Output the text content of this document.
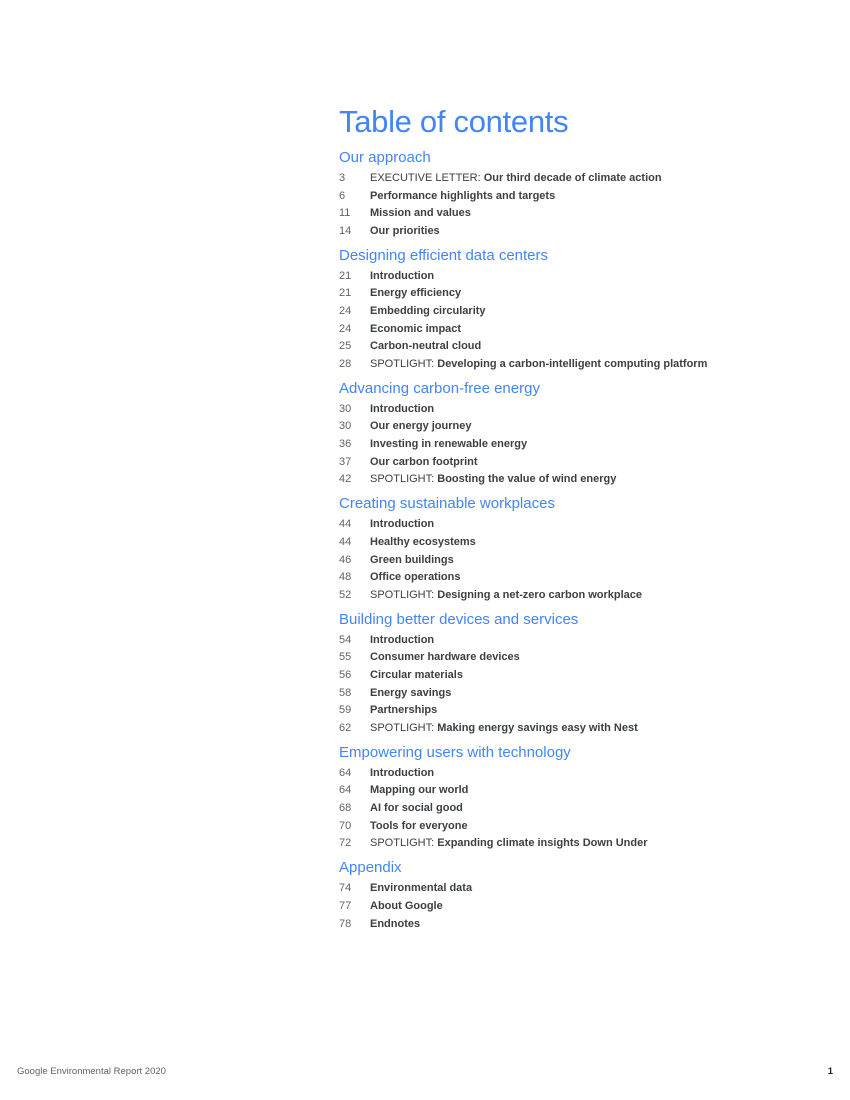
Table of contents
Our approach
3	EXECUTIVE LETTER: Our third decade of climate action
6	Performance highlights and targets
11	Mission and values
14	Our priorities
Designing efficient data centers
21	Introduction
21	Energy efficiency
24	Embedding circularity
24	Economic impact
25	Carbon-neutral cloud
28	SPOTLIGHT: Developing a carbon-intelligent computing platform
Advancing carbon-free energy
30	Introduction
30	Our energy journey
36	Investing in renewable energy
37	Our carbon footprint
42	SPOTLIGHT: Boosting the value of wind energy
Creating sustainable workplaces
44	Introduction
44	Healthy ecosystems
46	Green buildings
48	Office operations
52	SPOTLIGHT: Designing a net-zero carbon workplace
Building better devices and services
54	Introduction
55	Consumer hardware devices
56	Circular materials
58	Energy savings
59	Partnerships
62	SPOTLIGHT: Making energy savings easy with Nest
Empowering users with technology
64	Introduction
64	Mapping our world
68	AI for social good
70	Tools for everyone
72	SPOTLIGHT: Expanding climate insights Down Under
Appendix
74	Environmental data
77	About Google
78	Endnotes
Google Environmental Report 2020	1
